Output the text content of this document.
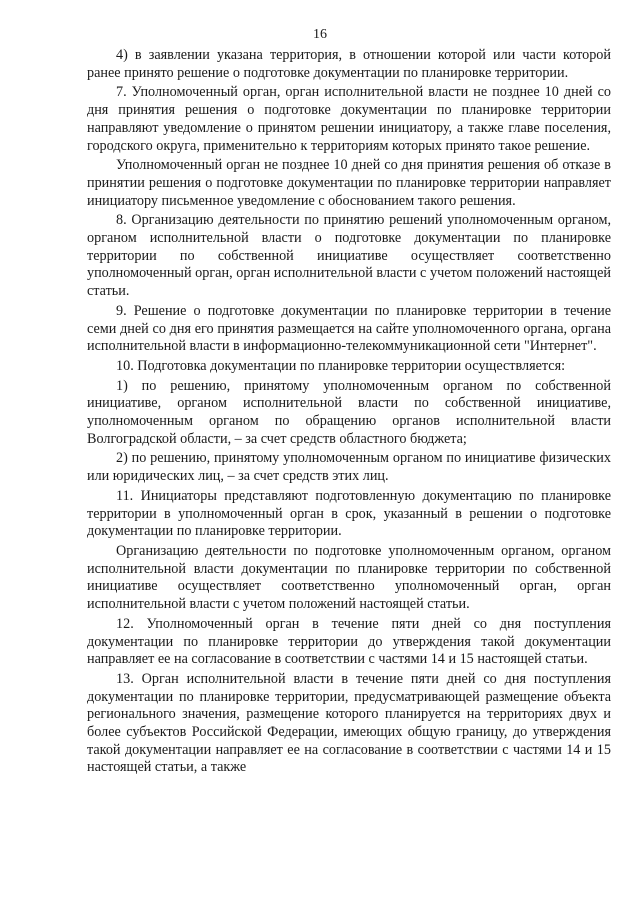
16

4) в заявлении указана территория, в отношении которой или части которой ранее принято решение о подготовке документации по планировке территории.

7. Уполномоченный орган, орган исполнительной власти не позднее 10 дней со дня принятия решения о подготовке документации по планировке территории направляют уведомление о принятом решении инициатору, а также главе поселения, городского округа, применительно к территориям которых принято такое решение.

Уполномоченный орган не позднее 10 дней со дня принятия решения об отказе в принятии решения о подготовке документации по планировке территории направляет инициатору письменное уведомление с обоснованием такого решения.

8. Организацию деятельности по принятию решений уполномоченным органом, органом исполнительной власти о подготовке документации по планировке территории по собственной инициативе осуществляет соответственно уполномоченный орган, орган исполнительной власти с учетом положений настоящей статьи.

9. Решение о подготовке документации по планировке территории в течение семи дней со дня его принятия размещается на сайте уполномоченного органа, органа исполнительной власти в информационно-телекоммуникационной сети "Интернет".

10. Подготовка документации по планировке территории осуществляется:

1) по решению, принятому уполномоченным органом по собственной инициативе, органом исполнительной власти по собственной инициативе, уполномоченным органом по обращению органов исполнительной власти Волгоградской области, – за счет средств областного бюджета;

2) по решению, принятому уполномоченным органом по инициативе физических или юридических лиц, – за счет средств этих лиц.

11. Инициаторы представляют подготовленную документацию по планировке территории в уполномоченный орган в срок, указанный в решении о подготовке документации по планировке территории.

Организацию деятельности по подготовке уполномоченным органом, органом исполнительной власти документации по планировке территории по собственной инициативе осуществляет соответственно уполномоченный орган, орган исполнительной власти с учетом положений настоящей статьи.

12. Уполномоченный орган в течение пяти дней со дня поступления документации по планировке территории до утверждения такой документации направляет ее на согласование в соответствии с частями 14 и 15 настоящей статьи.

13. Орган исполнительной власти в течение пяти дней со дня поступления документации по планировке территории, предусматривающей размещение объекта регионального значения, размещение которого планируется на территориях двух и более субъектов Российской Федерации, имеющих общую границу, до утверждения такой документации направляет ее на согласование в соответствии с частями 14 и 15 настоящей статьи, а также
